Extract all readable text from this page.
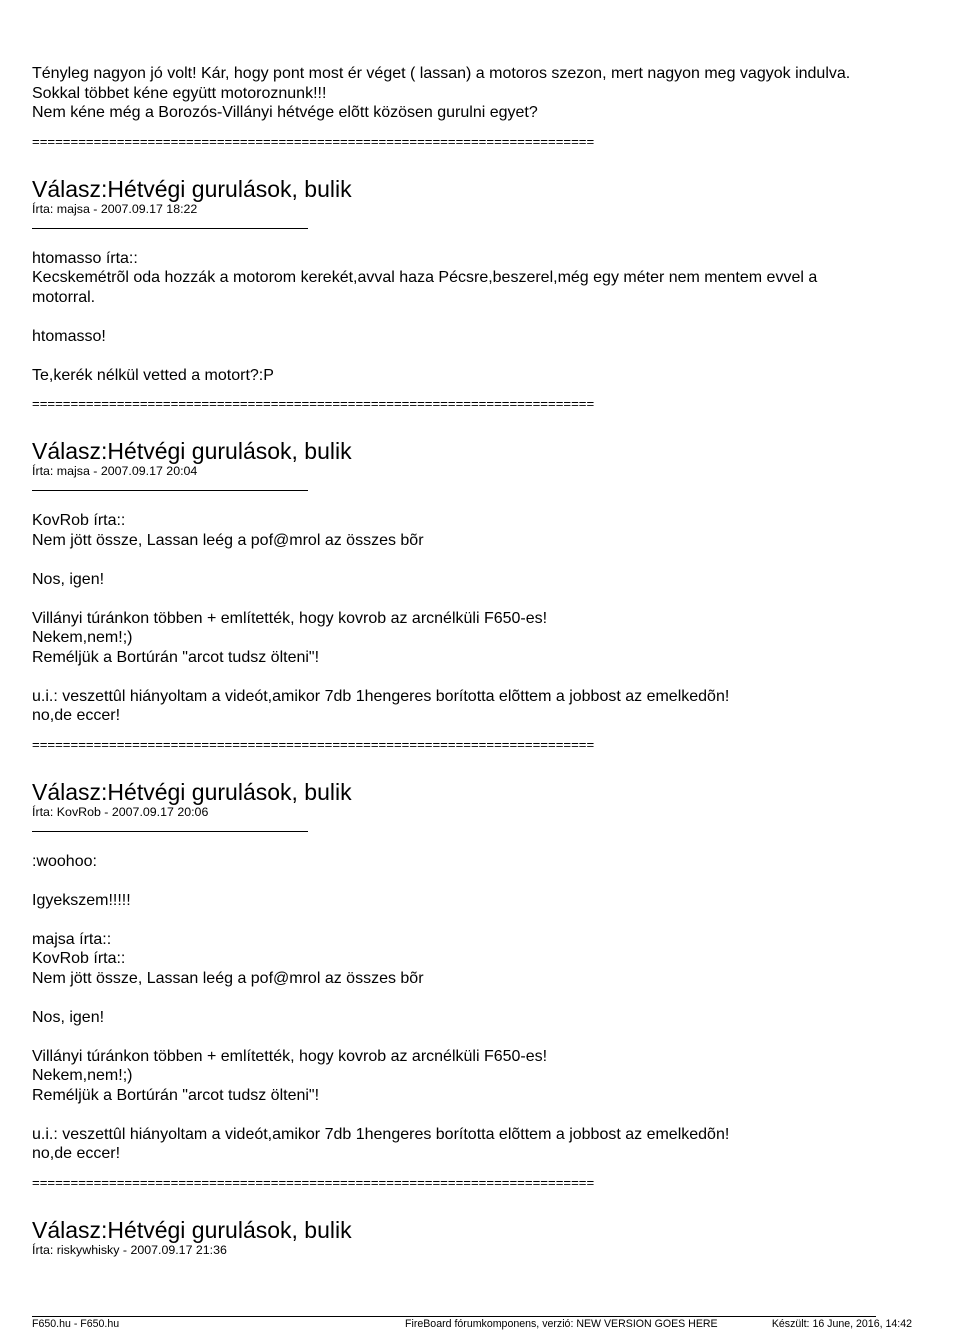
Tényleg nagyon jó volt! Kár, hogy pont most ér véget ( lassan) a motoros szezon, mert nagyon meg vagyok indulva.
Sokkal többet kéne együtt motoroznunk!!!
Nem kéne még a Borozós-Villányi hétvége elõtt közösen gurulni egyet?
=========================================================================
Válasz:Hétvégi gurulások, bulik
Írta: majsa - 2007.09.17 18:22
htomasso írta::
Kecskemétrõl oda hozzák a motorom kerekét,avval haza Pécsre,beszerel,még egy méter nem mentem evvel a
motorral.
htomasso!
Te,kerék nélkül vetted a motort?:P
=========================================================================
Válasz:Hétvégi gurulások, bulik
Írta: majsa - 2007.09.17 20:04
KovRob írta::
Nem jött össze, Lassan leég a pof@mrol az összes bõr
Nos, igen!
Villányi túránkon többen + említették, hogy kovrob az arcnélküli F650-es!
Nekem,nem!;)
Reméljük a Bortúrán "arcot tudsz ölteni"!
u.i.: veszettûl hiányoltam a videót,amikor 7db 1hengeres borította elõttem a jobbost az emelkedõn!
no,de eccer!
=========================================================================
Válasz:Hétvégi gurulások, bulik
Írta: KovRob - 2007.09.17 20:06
:woohoo:
Igyekszem!!!!!
majsa írta::
KovRob írta::
Nem jött össze, Lassan leég a pof@mrol az összes bõr
Nos, igen!
Villányi túránkon többen + említették, hogy kovrob az arcnélküli F650-es!
Nekem,nem!;)
Reméljük a Bortúrán "arcot tudsz ölteni"!
u.i.: veszettûl hiányoltam a videót,amikor 7db 1hengeres borította elõttem a jobbost az emelkedõn!
no,de eccer!
=========================================================================
Válasz:Hétvégi gurulások, bulik
Írta: riskywhisky - 2007.09.17 21:36
F650.hu - F650.hu	FireBoard fórumkomponens, verzió: NEW VERSION GOES HERE	Készült: 16 June, 2016, 14:42
